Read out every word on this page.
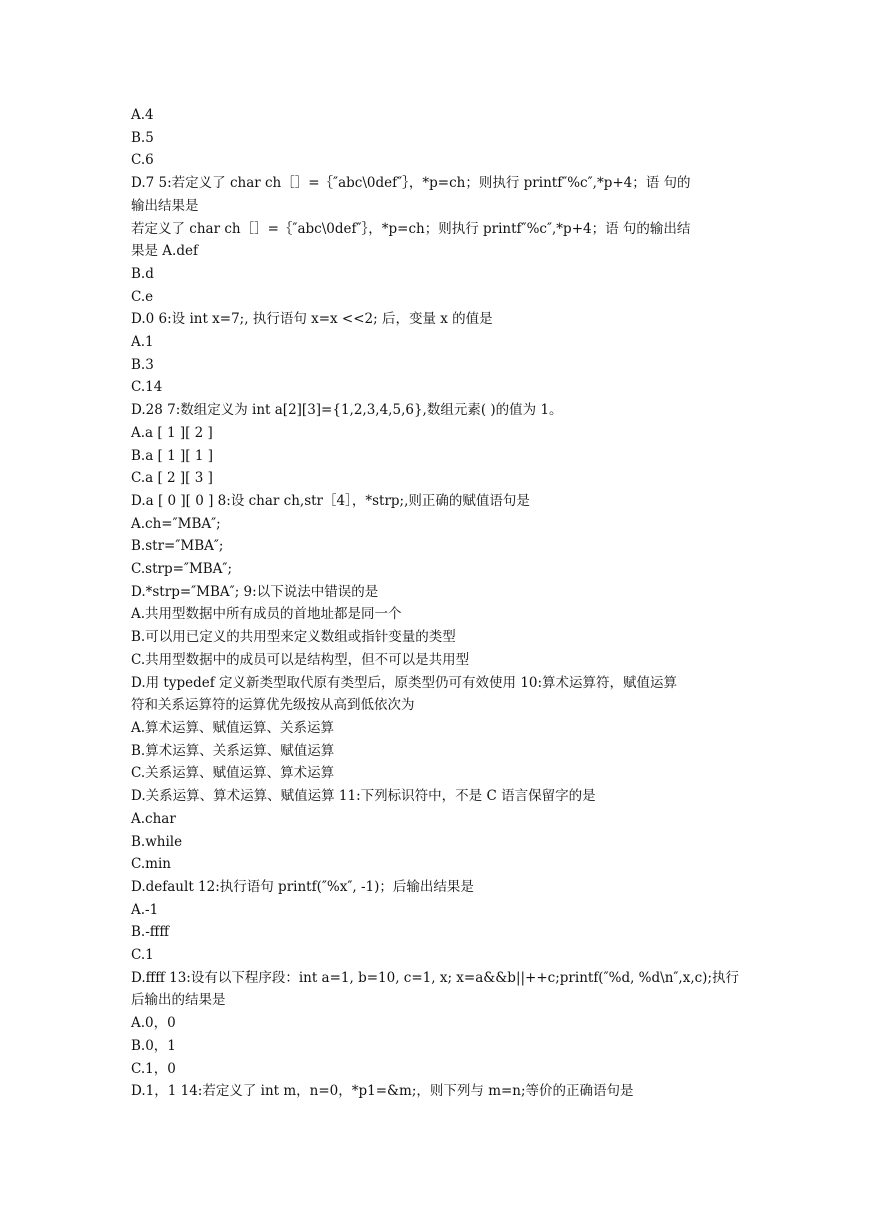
A.4
B.5
C.6
D.7 5:若定义了 char ch［］=｛″abc\0def″｝，*p=ch；则执行 printf″%c″,*p+4；语 句的
输出结果是
若定义了 char ch［］=｛″abc\0def″｝，*p=ch；则执行 printf″%c″,*p+4；语 句的输出结
果是 A.def
B.d
C.e
D.0 6:设 int x=7;, 执行语句 x=x <<2; 后，变量 x 的值是
A.1
B.3
C.14
D.28 7:数组定义为 int a[2][3]={1,2,3,4,5,6},数组元素( )的值为 1。
A.a [ 1 ][ 2 ]
B.a [ 1 ][ 1 ]
C.a [ 2 ][ 3 ]
D.a [ 0 ][ 0 ] 8:设 char ch,str［4］，*strp;,则正确的赋值语句是
A.ch=″MBA″;
B.str=″MBA″;
C.strp=″MBA″;
D.*strp=″MBA″; 9:以下说法中错误的是
A.共用型数据中所有成员的首地址都是同一个
B.可以用已定义的共用型来定义数组或指针变量的类型
C.共用型数据中的成员可以是结构型，但不可以是共用型
D.用 typedef 定义新类型取代原有类型后，原类型仍可有效使用 10:算术运算符，赋值运算
符和关系运算符的运算优先级按从高到低依次为
A.算术运算、赋值运算、关系运算
B.算术运算、关系运算、赋值运算
C.关系运算、赋值运算、算术运算
D.关系运算、算术运算、赋值运算 11:下列标识符中，不是 C 语言保留字的是
A.char
B.while
C.min
D.default 12:执行语句 printf(″%x″, -1)；后输出结果是
A.-1
B.-ffff
C.1
D.ffff 13:设有以下程序段：int a=1, b=10, c=1, x; x=a&&b||++c;printf(″%d, %d\n″,x,c);执行
后输出的结果是
A.0，0
B.0，1
C.1，0
D.1，1 14:若定义了 int m，n=0，*p1=&m;，则下列与 m=n;等价的正确语句是
